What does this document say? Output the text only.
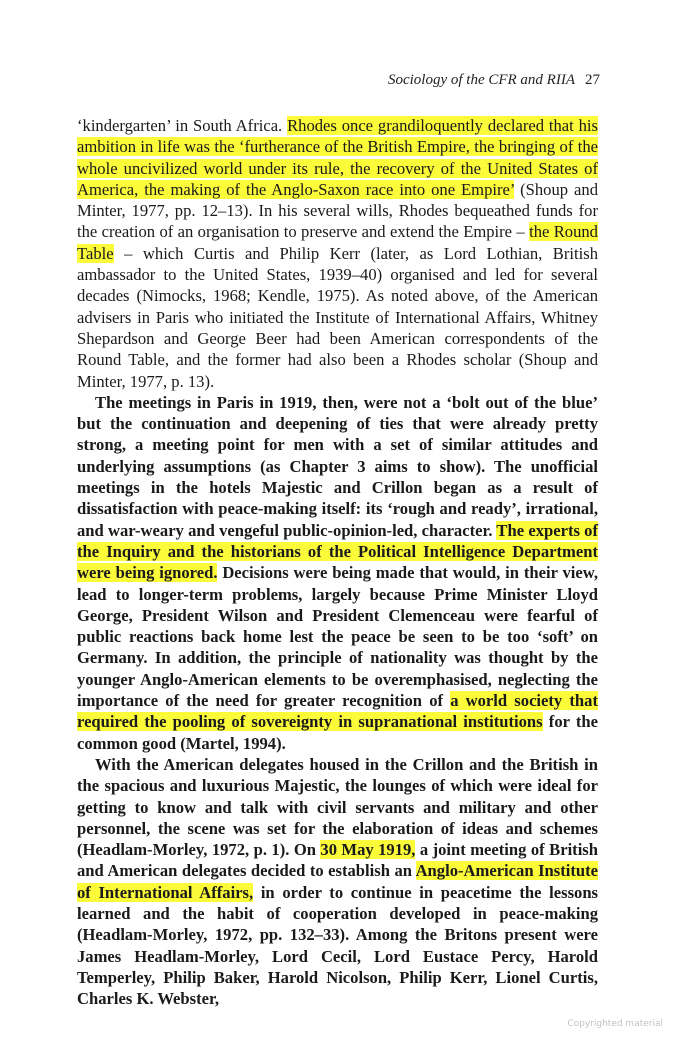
Sociology of the CFR and RIIA 27

‘kindergarten’ in South Africa. Rhodes once grandiloquently declared that his ambition in life was the ‘furtherance of the British Empire, the bringing of the whole uncivilized world under its rule, the recovery of the United States of America, the making of the Anglo-Saxon race into one Empire’ (Shoup and Minter, 1977, pp. 12–13). In his several wills, Rhodes bequeathed funds for the creation of an organisation to preserve and extend the Empire – the Round Table – which Curtis and Philip Kerr (later, as Lord Lothian, British ambassador to the United States, 1939–40) organised and led for several decades (Nimocks, 1968; Kendle, 1975). As noted above, of the American advisers in Paris who initiated the Institute of International Affairs, Whitney Shepardson and George Beer had been American correspondents of the Round Table, and the former had also been a Rhodes scholar (Shoup and Minter, 1977, p. 13).

The meetings in Paris in 1919, then, were not a ‘bolt out of the blue’ but the continuation and deepening of ties that were already pretty strong, a meeting point for men with a set of similar attitudes and underlying assumptions (as Chapter 3 aims to show). The unofficial meetings in the hotels Majestic and Crillon began as a result of dissatisfaction with peace-making itself: its ‘rough and ready’, irrational, and war-weary and vengeful public-opinion-led, character. The experts of the Inquiry and the historians of the Political Intelligence Department were being ignored. Decisions were being made that would, in their view, lead to longer-term problems, largely because Prime Minister Lloyd George, President Wilson and President Clemenceau were fearful of public reactions back home lest the peace be seen to be too ‘soft’ on Germany. In addition, the principle of nationality was thought by the younger Anglo-American elements to be overemphasised, neglecting the importance of the need for greater recognition of a world society that required the pooling of sovereignty in supranational institutions for the common good (Martel, 1994).

With the American delegates housed in the Crillon and the British in the spacious and luxurious Majestic, the lounges of which were ideal for getting to know and talk with civil servants and military and other personnel, the scene was set for the elaboration of ideas and schemes (Headlam-Morley, 1972, p. 1). On 30 May 1919, a joint meeting of British and American delegates decided to establish an Anglo-American Institute of International Affairs, in order to continue in peacetime the lessons learned and the habit of cooperation developed in peace-making (Headlam-Morley, 1972, pp. 132–33). Among the Britons present were James Headlam-Morley, Lord Cecil, Lord Eustace Percy, Harold Temperley, Philip Baker, Harold Nicolson, Philip Kerr, Lionel Curtis, Charles K. Webster,

Copyrighted material
